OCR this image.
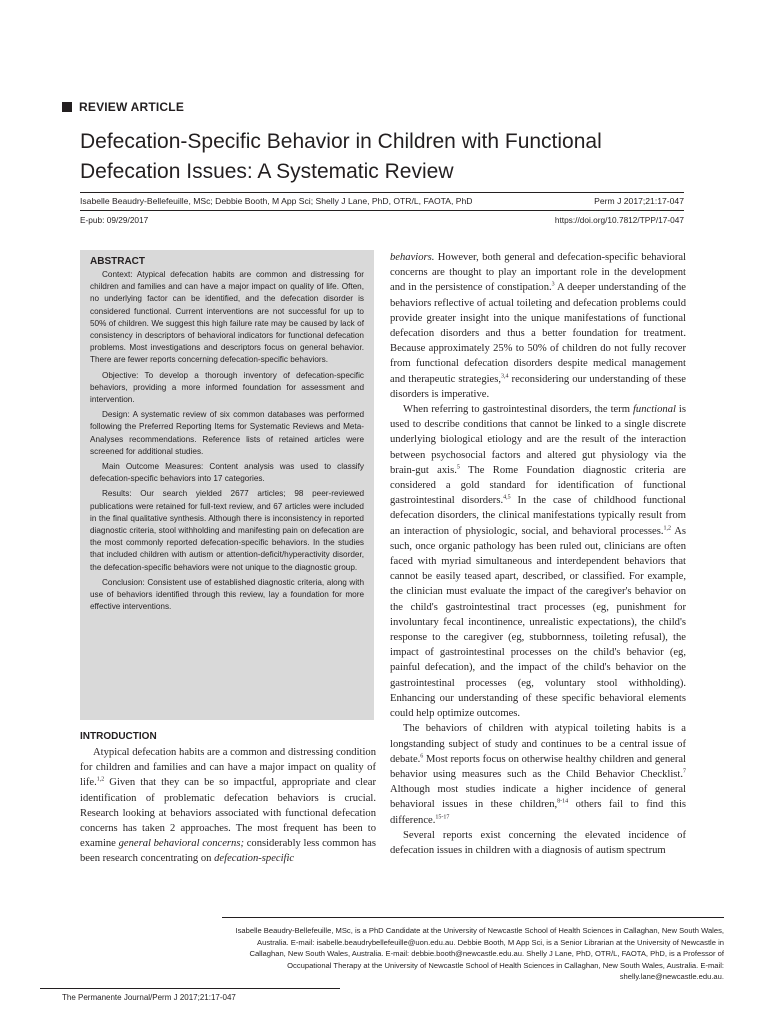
REVIEW ARTICLE
Defecation-Specific Behavior in Children with Functional
Defecation Issues: A Systematic Review
Isabelle Beaudry-Bellefeuille, MSc; Debbie Booth, M App Sci; Shelly J Lane, PhD, OTR/L, FAOTA, PhD	Perm J 2017;21:17-047
E-pub: 09/29/2017	https://doi.org/10.7812/TPP/17-047
ABSTRACT

Context: Atypical defecation habits are common and distressing for children and families and can have a major impact on quality of life. Often, no underlying factor can be identified, and the defecation disorder is considered functional. Current interventions are not successful for up to 50% of children. We suggest this high failure rate may be caused by lack of consistency in descriptors of behavioral indicators for functional defecation problems. Most investigations and descriptors focus on general behavior. There are fewer reports concerning defecation-specific behaviors.

Objective: To develop a thorough inventory of defecation-specific behaviors, providing a more informed foundation for assessment and intervention.

Design: A systematic review of six common databases was performed following the Preferred Reporting Items for Systematic Reviews and Meta-Analyses recommendations. Reference lists of retained articles were screened for additional studies.

Main Outcome Measures: Content analysis was used to classify defecation-specific behaviors into 17 categories.

Results: Our search yielded 2677 articles; 98 peer-reviewed publications were retained for full-text review, and 67 articles were included in the final qualitative synthesis. Although there is inconsistency in reported diagnostic criteria, stool withholding and manifesting pain on defecation are the most commonly reported defecation-specific behaviors. In the studies that included children with autism or attention-deficit/hyperactivity disorder, the defecation-specific behaviors were not unique to the diagnostic group.

Conclusion: Consistent use of established diagnostic criteria, along with use of behaviors identified through this review, lay a foundation for more effective interventions.

INTRODUCTION

Atypical defecation habits are a common and distressing condition for children and families and can have a major impact on quality of life.$^{1,2}$ Given that they can be so impactful, appropriate and clear identification of problematic defecation behaviors is crucial. Research looking at behaviors associated with functional defecation concerns has taken 2 approaches. The most frequent has been to examine general behavioral concerns; considerably less common has been research concentrating on defecation-specific

behaviors. However, both general and defecation-specific behavioral concerns are thought to play an important role in the development and in the persistence of constipation.$^3$ A deeper understanding of the behaviors reflective of actual toileting and defecation problems could provide greater insight into the unique manifestations of functional defecation disorders and thus a better foundation for treatment. Because approximately 25% to 50% of children do not fully recover from functional defecation disorders despite medical management and therapeutic strategies,$^{3,4}$ reconsidering our understanding of these disorders is imperative.

When referring to gastrointestinal disorders, the term functional is used to describe conditions that cannot be linked to a single discrete underlying biological etiology and are the result of the interaction between psychosocial factors and altered gut physiology via the brain-gut axis.$^5$ The Rome Foundation diagnostic criteria are considered a gold standard for identification of functional gastrointestinal disorders.$^{4,5}$ In the case of childhood functional defecation disorders, the clinical manifestations typically result from an interaction of physiologic, social, and behavioral processes.$^{1,2}$ As such, once organic pathology has been ruled out, clinicians are often faced with myriad simultaneous and interdependent behaviors that cannot be easily teased apart, described, or classified. For example, the clinician must evaluate the impact of the caregiver's behavior on the child's gastrointestinal tract processes (eg, punishment for involuntary fecal incontinence, unrealistic expectations), the child's response to the caregiver (eg, stubbornness, toileting refusal), the impact of gastrointestinal processes on the child's behavior (eg, painful defecation), and the impact of the child's behavior on the gastrointestinal processes (eg, voluntary stool withholding). Enhancing our understanding of these specific behavioral elements could help optimize outcomes.

The behaviors of children with atypical toileting habits is a longstanding subject of study and continues to be a central issue of debate.$^6$ Most reports focus on otherwise healthy children and general behavior using measures such as the Child Behavior Checklist.$^7$ Although most studies indicate a higher incidence of general behavioral issues in these children,$^{8-14}$ others fail to find this difference.$^{15-17}$

Several reports exist concerning the elevated incidence of defecation issues in children with a diagnosis of autism spectrum

Isabelle Beaudry-Bellefeuille, MSc, is a PhD Candidate at the University of Newcastle School of Health Sciences in Callaghan, New South Wales, Australia. E-mail: isabelle.beaudrybellefeuille@uon.edu.au. Debbie Booth, M App Sci, is a Senior Librarian at the University of Newcastle in Callaghan, New South Wales, Australia. E-mail: debbie.booth@newcastle.edu.au. Shelly J Lane, PhD, OTR/L, FAOTA, PhD, is a Professor of Occupational Therapy at the University of Newcastle School of Health Sciences in Callaghan, New South Wales, Australia. E-mail: shelly.lane@newcastle.edu.au.
The Permanente Journal/Perm J 2017;21:17-047
